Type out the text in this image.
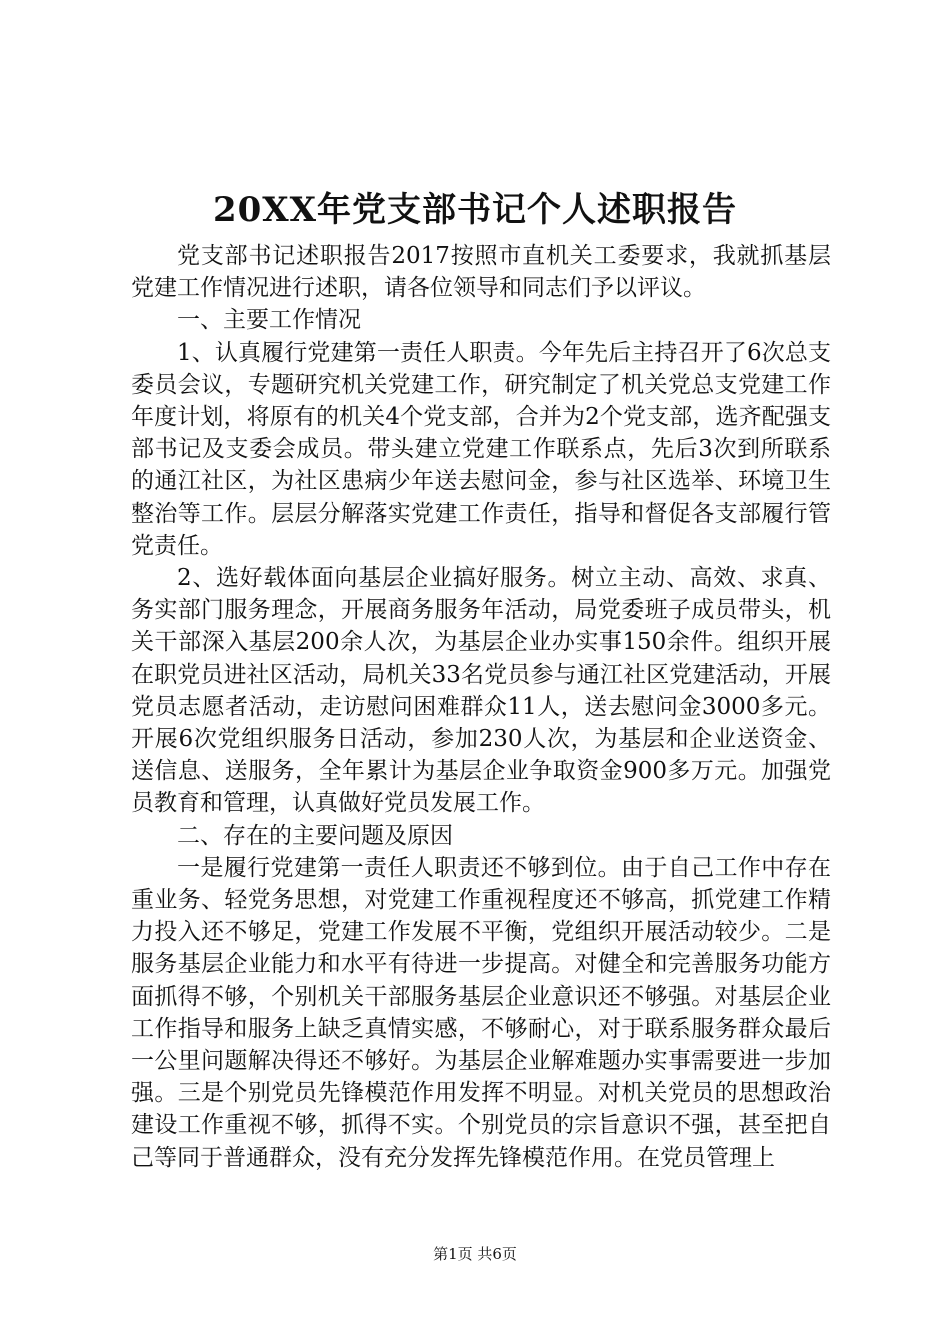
20XX年党支部书记个人述职报告

党支部书记述职报告2017按照市直机关工委要求，我就抓基层党建工作情况进行述职，请各位领导和同志们予以评议。

一、主要工作情况

1、认真履行党建第一责任人职责。今年先后主持召开了6次总支委员会议，专题研究机关党建工作，研究制定了机关党总支党建工作年度计划，将原有的机关4个党支部，合并为2个党支部，选齐配强支部书记及支委会成员。带头建立党建工作联系点，先后3次到所联系的通江社区，为社区患病少年送去慰问金，参与社区选举、环境卫生整治等工作。层层分解落实党建工作责任，指导和督促各支部履行管党责任。

2、选好载体面向基层企业搞好服务。树立主动、高效、求真、务实部门服务理念，开展商务服务年活动，局党委班子成员带头，机关干部深入基层200余人次，为基层企业办实事150余件。组织开展在职党员进社区活动，局机关33名党员参与通江社区党建活动，开展党员志愿者活动，走访慰问困难群众11人，送去慰问金3000多元。开展6次党组织服务日活动，参加230人次，为基层和企业送资金、送信息、送服务，全年累计为基层企业争取资金900多万元。加强党员教育和管理，认真做好党员发展工作。

二、存在的主要问题及原因

一是履行党建第一责任人职责还不够到位。由于自己工作中存在重业务、轻党务思想，对党建工作重视程度还不够高，抓党建工作精力投入还不够足，党建工作发展不平衡，党组织开展活动较少。二是服务基层企业能力和水平有待进一步提高。对健全和完善服务功能方面抓得不够，个别机关干部服务基层企业意识还不够强。对基层企业工作指导和服务上缺乏真情实感，不够耐心，对于联系服务群众最后一公里问题解决得还不够好。为基层企业解难题办实事需要进一步加强。三是个别党员先锋模范作用发挥不明显。对机关党员的思想政治建设工作重视不够，抓得不实。个别党员的宗旨意识不强，甚至把自己等同于普通群众，没有充分发挥先锋模范作用。在党员管理上

第1页 共6页
